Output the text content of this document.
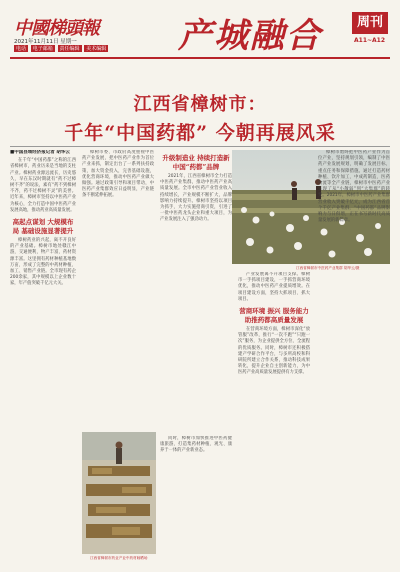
中國梯頭報
2021年11月11日 星期一
电话 电子邮箱 责任编辑 美术编辑 产城融合	周刊
A11~A12
江西省樟树市：
千年“中国药都” 今朝再展风采
■中国县域经济报记者 胡华云

在千年“中国药都”之称的江西省樟树市，药业历来是当地的支柱产业。樟树药业源远流长，历史悠久，早在东汉时期就有“药不过樟树不齐”的说法，素有“药不到樟树不齐，药不过樟树不灵”的美誉。近年来，樟树市坚持以中医药产业为核心，全力打造中国中医药产业发展高地，推动药业高质量发展。

高起点谋划 大规模布局 基础设施显著提升

樟树药业的兴起，离不开良好的产业基础。樟树市地处赣江中游，交通便利，物产丰富，药材资源丰富。这里拥有药材种植基地数万亩，形成了完整的中药材种植、加工、销售产业链。全市现有药企200余家，其中规模以上企业数十家，年产值突破千亿元大关。

樟树市委、市政府高度重视中医药产业发展，把中医药产业作为首位产业来抓，制定出台了一系列扶持政策，加大资金投入，完善基础设施，优化营商环境，推动中医药产业做大做强。通过政策引导和项目带动，中医药产业集群效应日益明显，产业链条不断延伸拓展。

升级制造业 持续打造新 中国“药都”品牌

2021年，江西省樟树市全力打造中医药产业集群，推动中医药产业高质量发展。全市中医药产业营业收入持续增长，产业规模不断扩大，品牌影响力持续提升。樟树市坚持以项目为抓手，大力实施招商引资，引进了一批中医药龙头企业和重大项目，为产业发展注入了强劲动力。

江西省樟树市中医药产业集群 胡华云/摄

产业发展离不开项目支撑。樟树市一手抓项目建设，一手抓营商环境优化，推动中医药产业提质增效。在项目建设方面，坚持大抓项目、抓大项目。

营商环境 振兴 服务能力 助推药都高质量发展

在营商环境方面，樟树市深化“放管服”改革，推行“一次不跑”“只跑一次”服务，为企业提供全方位、全流程的优质服务。同时，樟树市还积极搭建产学研合作平台，与多所高校和科研院所建立合作关系，推动科技成果转化，提升企业自主创新能力，为中医药产业高质量发展提供有力支撑。

樟树市始终把中医药产业作为首位产业，坚持规划引领，编制了中医药产业发展规划，明确了发展目标、重点任务和保障措施。通过打造药材种植、饮片加工、中成药制造、医药物流等全产业链，樟树市中医药产业实现了从“小散弱”到“大集群”的转变。2021年，樟树市中医药产业集群营业收入突破千亿元，成为江西省首个千亿产业集群，“中国药都”品牌影响力与日俱增，正在书写新时代高质量发展的新篇章。

江西省樟树市药业产业中药材晾晒场

同时，樟树市加快推进中医药健康旅游，打造集药材种植、观光、康养于一体的产业新业态。
